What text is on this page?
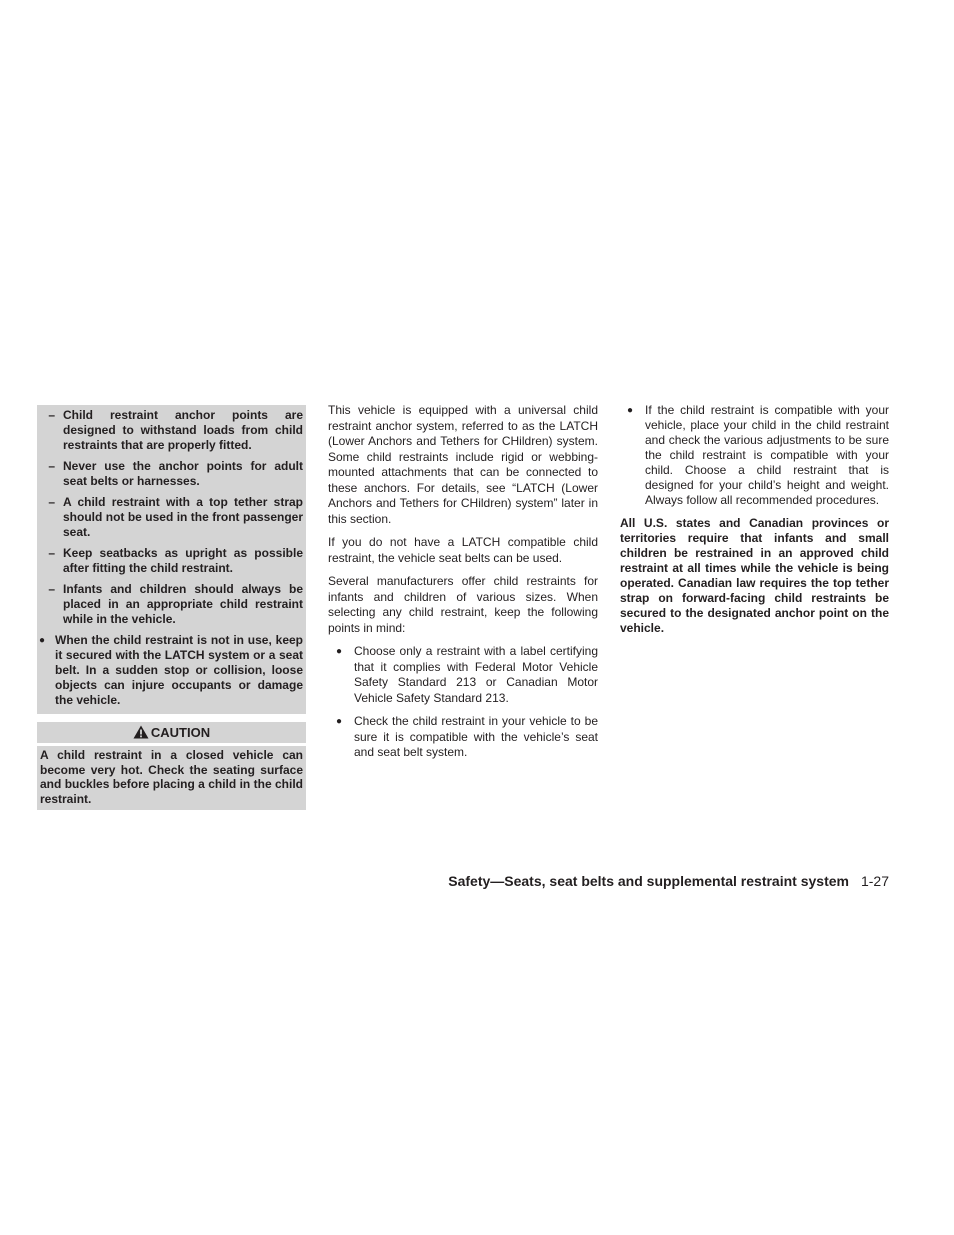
– Child restraint anchor points are designed to withstand loads from child restraints that are properly fitted.
– Never use the anchor points for adult seat belts or harnesses.
– A child restraint with a top tether strap should not be used in the front passenger seat.
– Keep seatbacks as upright as possible after fitting the child restraint.
– Infants and children should always be placed in an appropriate child restraint while in the vehicle.
● When the child restraint is not in use, keep it secured with the LATCH system or a seat belt. In a sudden stop or collision, loose objects can injure occupants or damage the vehicle.
CAUTION
A child restraint in a closed vehicle can become very hot. Check the seating surface and buckles before placing a child in the child restraint.

This vehicle is equipped with a universal child restraint anchor system, referred to as the LATCH (Lower Anchors and Tethers for CHildren) system. Some child restraints include rigid or webbing-mounted attachments that can be connected to these anchors. For details, see “LATCH (Lower Anchors and Tethers for CHildren) system” later in this section.

If you do not have a LATCH compatible child restraint, the vehicle seat belts can be used.

Several manufacturers offer child restraints for infants and children of various sizes. When selecting any child restraint, keep the following points in mind:

● Choose only a restraint with a label certifying that it complies with Federal Motor Vehicle Safety Standard 213 or Canadian Motor Vehicle Safety Standard 213.
● Check the child restraint in your vehicle to be sure it is compatible with the vehicle’s seat and seat belt system.
● If the child restraint is compatible with your vehicle, place your child in the child restraint and check the various adjustments to be sure the child restraint is compatible with your child. Choose a child restraint that is designed for your child’s height and weight. Always follow all recommended procedures.

All U.S. states and Canadian provinces or territories require that infants and small children be restrained in an approved child restraint at all times while the vehicle is being operated. Canadian law requires the top tether strap on forward-facing child restraints be secured to the designated anchor point on the vehicle.

Safety—Seats, seat belts and supplemental restraint system 1-27
